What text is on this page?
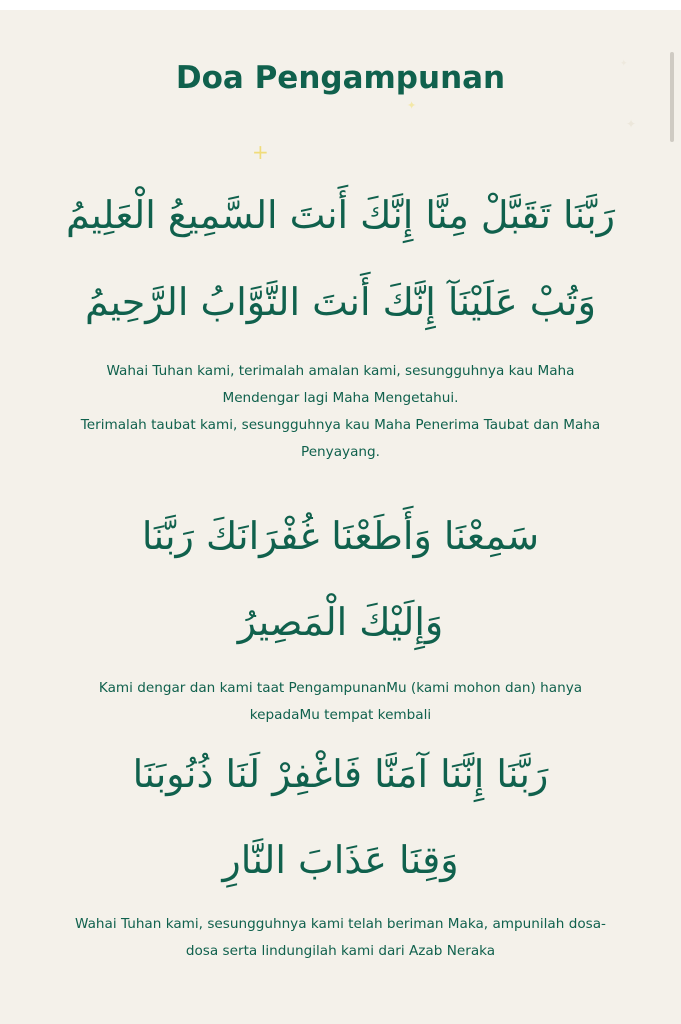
+
✦
✦
✦
Doa Pengampunan
رَبَّنَا تَقَبَّلْ مِنَّا إِنَّكَ أَنتَ السَّمِيعُ الْعَلِيمُ
وَتُبْ عَلَيْنَآ إِنَّكَ أَنتَ التَّوَّابُ الرَّحِيمُ
Wahai Tuhan kami, terimalah amalan kami, sesungguhnya kau Maha
Mendengar lagi Maha Mengetahui.
Terimalah taubat kami, sesungguhnya kau Maha Penerima Taubat dan Maha
Penyayang.
سَمِعْنَا وَأَطَعْنَا غُفْرَانَكَ رَبَّنَا
وَإِلَيْكَ الْمَصِيرُ
Kami dengar dan kami taat PengampunanMu (kami mohon dan) hanya
kepadaMu tempat kembali
رَبَّنَا إِنَّنَا آمَنَّا فَاغْفِرْ لَنَا ذُنُوبَنَا
وَقِنَا عَذَابَ النَّارِ
Wahai Tuhan kami, sesungguhnya kami telah beriman Maka, ampunilah dosa-
dosa serta lindungilah kami dari Azab Neraka
